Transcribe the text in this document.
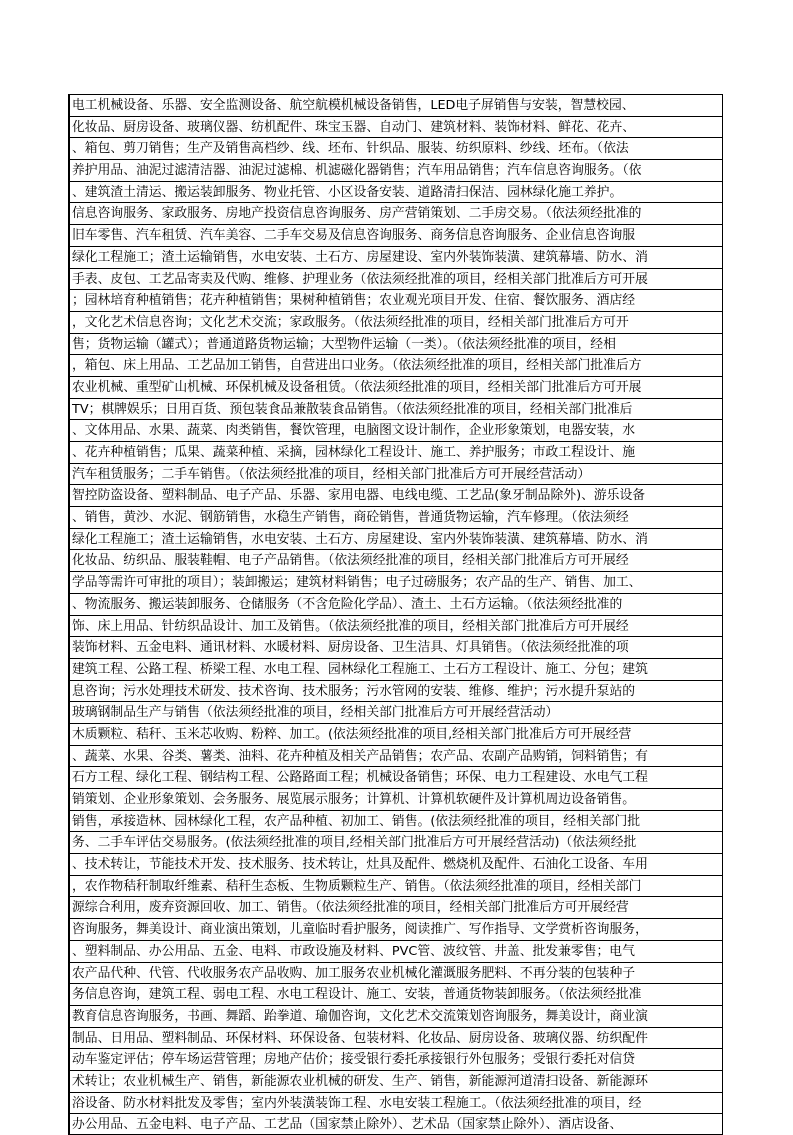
电工机械设备、乐器、安全监测设备、航空航模机械设备销售，LED电子屏销售与安装，智慧校园、
化妆品、厨房设备、玻璃仪器、纺机配件、珠宝玉器、自动门、建筑材料、装饰材料、鲜花、花卉、
、箱包、剪刀销售；生产及销售高档纱、线、坯布、针织品、服装、纺织原料、纱线、坯布。（依法
养护用品、油泥过滤清洁器、油泥过滤棉、机滤磁化器销售；汽车用品销售；汽车信息咨询服务。（依
、建筑渣土清运、搬运装卸服务、物业托管、小区设备安装、道路清扫保洁、园林绿化施工养护。
信息咨询服务、家政服务、房地产投资信息咨询服务、房产营销策划、二手房交易。（依法须经批准的
旧车零售、汽车租赁、汽车美容、二手车交易及信息咨询服务、商务信息咨询服务、企业信息咨询服
绿化工程施工；渣土运输销售，水电安装、土石方、房屋建设、室内外装饰装潢、建筑幕墙、防水、消
手表、皮包、工艺品寄卖及代购、维修、护理业务（依法须经批准的项目，经相关部门批准后方可开展
；园林培育种植销售；花卉种植销售；果树种植销售；农业观光项目开发、住宿、餐饮服务、酒店经
，文化艺术信息咨询；文化艺术交流；家政服务。（依法须经批准的项目，经相关部门批准后方可开
售；货物运输（罐式）；普通道路货物运输；大型物件运输（一类）。（依法须经批准的项目，经相
，箱包、床上用品、工艺品加工销售，自营进出口业务。（依法须经批准的项目，经相关部门批准后方
农业机械、重型矿山机械、环保机械及设备租赁。（依法须经批准的项目，经相关部门批准后方可开展
TV；棋牌娱乐；日用百货、预包装食品兼散装食品销售。（依法须经批准的项目，经相关部门批准后
、文体用品、水果、蔬菜、肉类销售，餐饮管理，电脑图文设计制作，企业形象策划，电器安装，水
、花卉种植销售；瓜果、蔬菜种植、采摘，园林绿化工程设计、施工、养护服务；市政工程设计、施
汽车租赁服务；二手车销售。（依法须经批准的项目，经相关部门批准后方可开展经营活动）
智控防盗设备、塑料制品、电子产品、乐器、家用电器、电线电缆、工艺品(象牙制品除外)、游乐设备
、销售，黄沙、水泥、钢筋销售，水稳生产销售，商砼销售，普通货物运输，汽车修理。（依法须经
绿化工程施工；渣土运输销售，水电安装、土石方、房屋建设、室内外装饰装潢、建筑幕墙、防水、消
化妆品、纺织品、服装鞋帽、电子产品销售。（依法须经批准的项目，经相关部门批准后方可开展经
学品等需许可审批的项目）；装卸搬运；建筑材料销售；电子过磅服务；农产品的生产、销售、加工、
、物流服务、搬运装卸服务、仓储服务（不含危险化学品）、渣土、土石方运输。（依法须经批准的
饰、床上用品、针纺织品设计、加工及销售。（依法须经批准的项目，经相关部门批准后方可开展经
装饰材料、五金电料、通讯材料、水暖材料、厨房设备、卫生洁具、灯具销售。（依法须经批准的项
建筑工程、公路工程、桥梁工程、水电工程、园林绿化工程施工、土石方工程设计、施工、分包；建筑
息咨询；污水处理技术研发、技术咨询、技术服务；污水管网的安装、维修、维护；污水提升泵站的
玻璃钢制品生产与销售（依法须经批准的项目，经相关部门批准后方可开展经营活动）
木质颗粒、秸秆、玉米芯收购、粉粹、加工。(依法须经批准的项目,经相关部门批准后方可开展经营
、蔬菜、水果、谷类、薯类、油料、花卉种植及相关产品销售；农产品、农副产品购销，饲料销售；有
石方工程、绿化工程、钢结构工程、公路路面工程；机械设备销售；环保、电力工程建设、水电气工程
销策划、企业形象策划、会务服务、展览展示服务；计算机、计算机软硬件及计算机周边设备销售。
销售，承接造林、园林绿化工程，农产品种植、初加工、销售。(依法须经批准的项目，经相关部门批
务、二手车评估交易服务。(依法须经批准的项目,经相关部门批准后方可开展经营活动)（依法须经批
、技术转让，节能技术开发、技术服务、技术转让，灶具及配件、燃烧机及配件、石油化工设备、车用
，农作物秸秆制取纤维素、秸秆生态板、生物质颗粒生产、销售。（依法须经批准的项目，经相关部门
源综合利用，废弃资源回收、加工、销售。（依法须经批准的项目，经相关部门批准后方可开展经营
咨询服务，舞美设计、商业演出策划，儿童临时看护服务，阅读推广、写作指导、文学赏析咨询服务，
、塑料制品、办公用品、五金、电料、市政设施及材料、PVC管、波纹管、井盖、批发兼零售；电气
农产品代种、代管、代收服务农产品收购、加工服务农业机械化灌溉服务肥料、不再分装的包装种子
务信息咨询，建筑工程、弱电工程、水电工程设计、施工、安装，普通货物装卸服务。（依法须经批准
教育信息咨询服务，书画、舞蹈、跆拳道、瑜伽咨询，文化艺术交流策划咨询服务，舞美设计，商业演
制品、日用品、塑料制品、环保材料、环保设备、包装材料、化妆品、厨房设备、玻璃仪器、纺织配件
动车鉴定评估；停车场运营管理；房地产估价；接受银行委托承接银行外包服务；受银行委托对信贷
术转让；农业机械生产、销售，新能源农业机械的研发、生产、销售，新能源河道清扫设备、新能源环
浴设备、防水材料批发及零售；室内外装潢装饰工程、水电安装工程施工。（依法须经批准的项目，经
办公用品、五金电料、电子产品、工艺品（国家禁止除外）、艺术品（国家禁止除外）、酒店设备、
